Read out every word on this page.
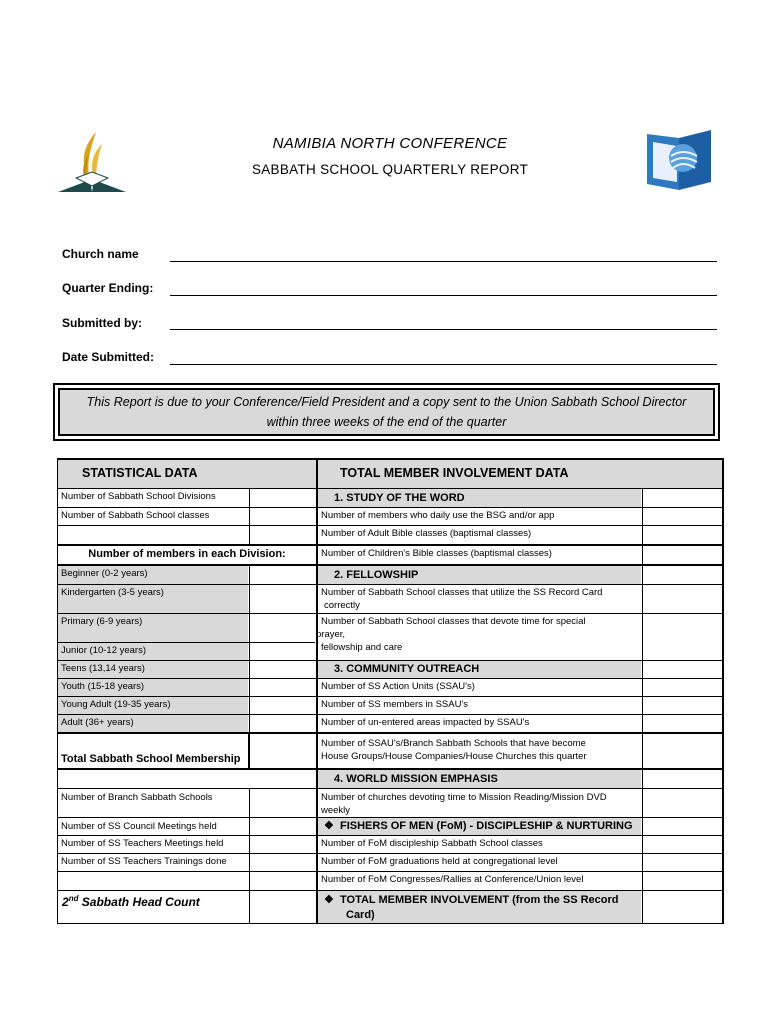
NAMIBIA NORTH CONFERENCE
SABBATH SCHOOL QUARTERLY REPORT
Church name
Quarter Ending:
Submitted by:
Date Submitted:
This Report is due to your Conference/Field President and a copy sent to the Union Sabbath School Director
within three weeks of the end of the quarter
STATISTICAL DATA	TOTAL MEMBER INVOLVEMENT DATA
Number of Sabbath School Divisions
Number of Sabbath School classes
Number of members in each Division:
Beginner (0-2 years)
Kindergarten (3-5 years)
Primary (6-9 years)
Junior (10-12 years)
Teens (13,14 years)
Youth (15-18 years)
Young Adult (19-35 years)
Adult (36+ years)
Total Sabbath School Membership
Number of Branch Sabbath Schools
Number of SS Council Meetings held
Number of SS Teachers Meetings held
Number of SS Teachers Trainings done
2nd Sabbath Head Count
1. STUDY OF THE WORD
Number of members who daily use the BSG and/or app
Number of Adult Bible classes (baptismal classes)
Number of Children's Bible classes (baptismal classes)
2. FELLOWSHIP
Number of Sabbath School classes that utilize the SS Record Card
correctly
Number of Sabbath School classes that devote time for special
prayer,
fellowship and care
3. COMMUNITY OUTREACH
Number of SS Action Units (SSAU's)
Number of SS members in SSAU's
Number of un-entered areas impacted by SSAU's
Number of SSAU's/Branch Sabbath Schools that have become
House Groups/House Companies/House Churches this quarter
4. WORLD MISSION EMPHASIS
Number of churches devoting time to Mission Reading/Mission DVD
weekly
❖ FISHERS OF MEN (FoM) - DISCIPLESHIP & NURTURING
Number of FoM discipleship Sabbath School classes
Number of FoM graduations held at congregational level
Number of FoM Congresses/Rallies at Conference/Union level
❖ TOTAL MEMBER INVOLVEMENT (from the SS Record
Card)
